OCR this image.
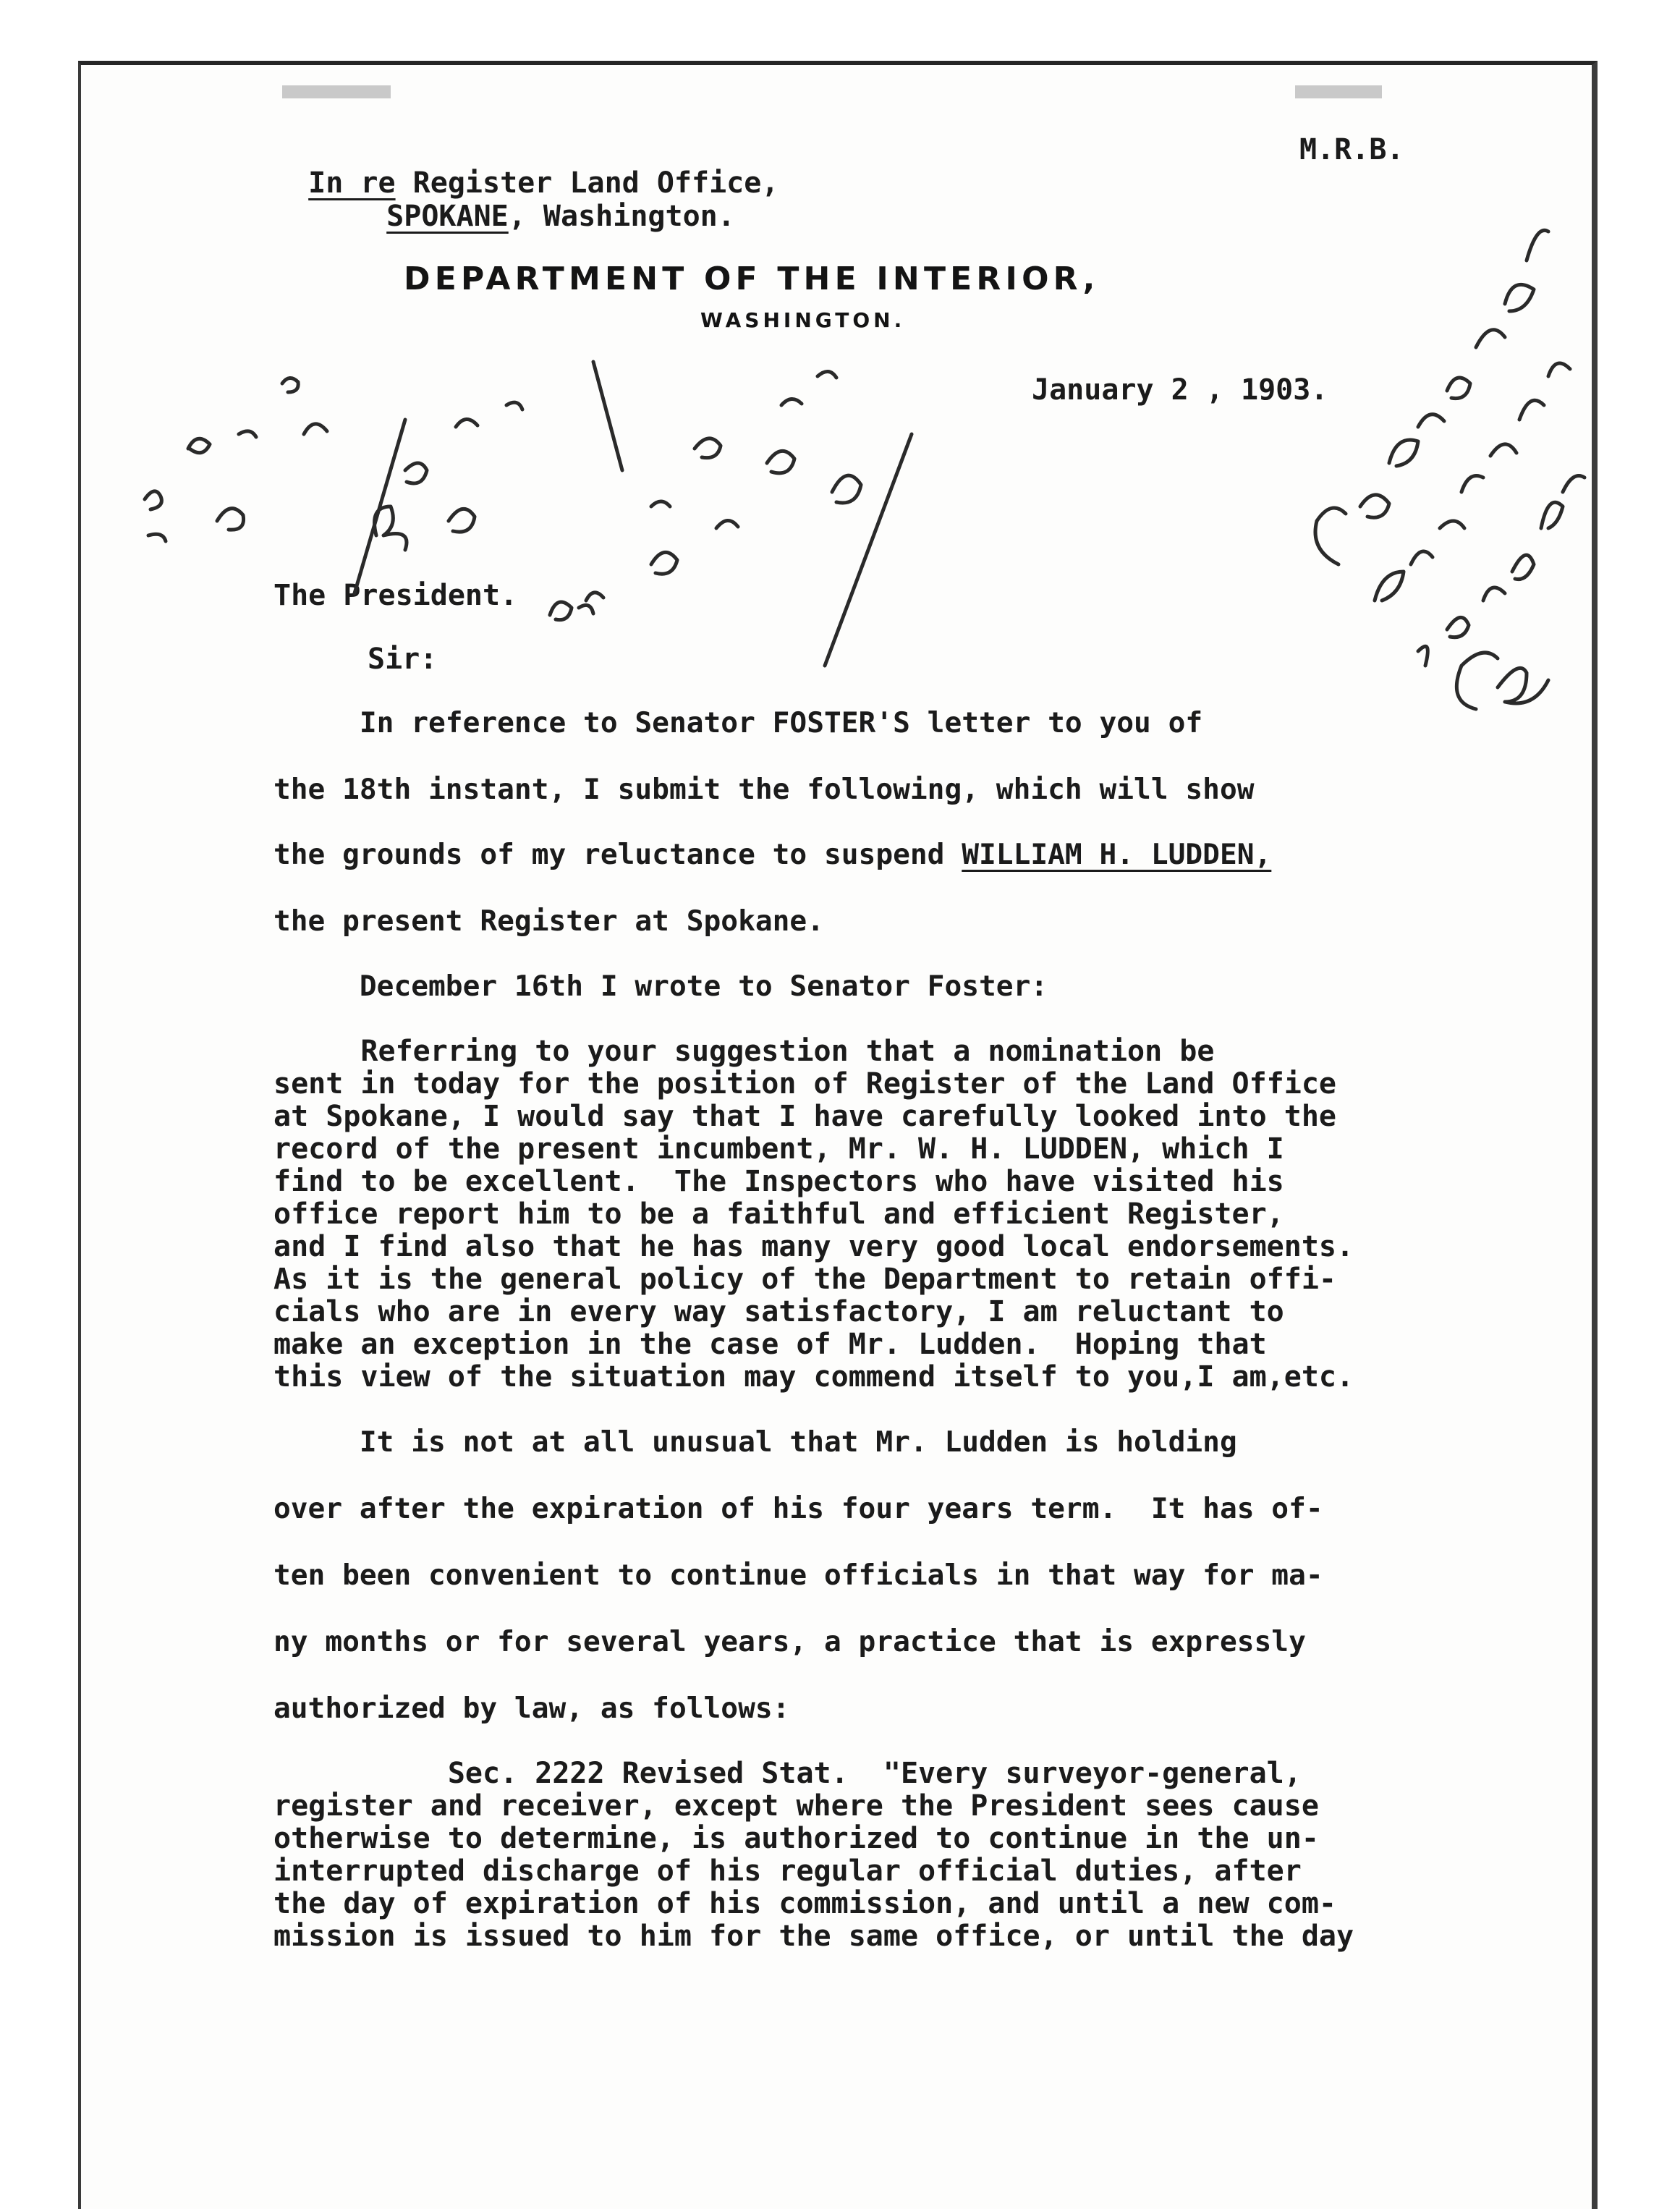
In re Register Land Office,

SPOKANE, Washington.

M.R.B.
DEPARTMENT OF THE INTERIOR,
WASHINGTON.
January 2 , 1903.
The President.
Sir:
In reference to Senator FOSTER'S letter to you of
the 18th instant, I submit the following, which will show
the grounds of my reluctance to suspend WILLIAM H. LUDDEN,
the present Register at Spokane.
December 16th I wrote to Senator Foster:
Referring to your suggestion that a nomination be
sent in today for the position of Register of the Land Office
at Spokane, I would say that I have carefully looked into the
record of the present incumbent, Mr. W. H. LUDDEN, which I
find to be excellent.  The Inspectors who have visited his
office report him to be a faithful and efficient Register,
and I find also that he has many very good local endorsements.
As it is the general policy of the Department to retain offi-
cials who are in every way satisfactory, I am reluctant to
make an exception in the case of Mr. Ludden.  Hoping that
this view of the situation may commend itself to you,I am,etc.
It is not at all unusual that Mr. Ludden is holding
over after the expiration of his four years term.  It has of-
ten been convenient to continue officials in that way for ma-
ny months or for several years, a practice that is expressly
authorized by law, as follows:
Sec. 2222 Revised Stat.  "Every surveyor-general,
register and receiver, except where the President sees cause
otherwise to determine, is authorized to continue in the un-
interrupted discharge of his regular official duties, after
the day of expiration of his commission, and until a new com-
mission is issued to him for the same office, or until the day
